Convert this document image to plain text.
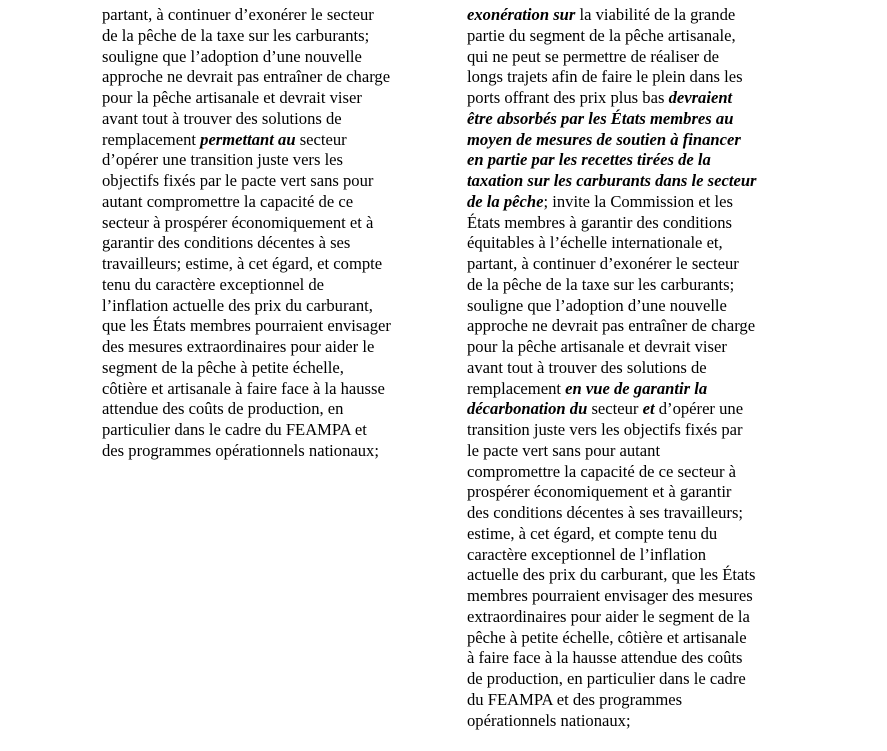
partant, à continuer d’exonérer le secteur
de la pêche de la taxe sur les carburants;
souligne que l’adoption d’une nouvelle
approche ne devrait pas entraîner de charge
pour la pêche artisanale et devrait viser
avant tout à trouver des solutions de
remplacement permettant au secteur
d’opérer une transition juste vers les
objectifs fixés par le pacte vert sans pour
autant compromettre la capacité de ce
secteur à prospérer économiquement et à
garantir des conditions décentes à ses
travailleurs; estime, à cet égard, et compte
tenu du caractère exceptionnel de
l’inflation actuelle des prix du carburant,
que les États membres pourraient envisager
des mesures extraordinaires pour aider le
segment de la pêche à petite échelle,
côtière et artisanale à faire face à la hausse
attendue des coûts de production, en
particulier dans le cadre du FEAMPA et
des programmes opérationnels nationaux;
exonération sur la viabilité de la grande
partie du segment de la pêche artisanale,
qui ne peut se permettre de réaliser de
longs trajets afin de faire le plein dans les
ports offrant des prix plus bas devraient
être absorbés par les États membres au
moyen de mesures de soutien à financer
en partie par les recettes tirées de la
taxation sur les carburants dans le secteur
de la pêche; invite la Commission et les
États membres à garantir des conditions
équitables à l’échelle internationale et,
partant, à continuer d’exonérer le secteur
de la pêche de la taxe sur les carburants;
souligne que l’adoption d’une nouvelle
approche ne devrait pas entraîner de charge
pour la pêche artisanale et devrait viser
avant tout à trouver des solutions de
remplacement en vue de garantir la
décarbonation du secteur et d’opérer une
transition juste vers les objectifs fixés par
le pacte vert sans pour autant
compromettre la capacité de ce secteur à
prospérer économiquement et à garantir
des conditions décentes à ses travailleurs;
estime, à cet égard, et compte tenu du
caractère exceptionnel de l’inflation
actuelle des prix du carburant, que les États
membres pourraient envisager des mesures
extraordinaires pour aider le segment de la
pêche à petite échelle, côtière et artisanale
à faire face à la hausse attendue des coûts
de production, en particulier dans le cadre
du FEAMPA et des programmes
opérationnels nationaux;
